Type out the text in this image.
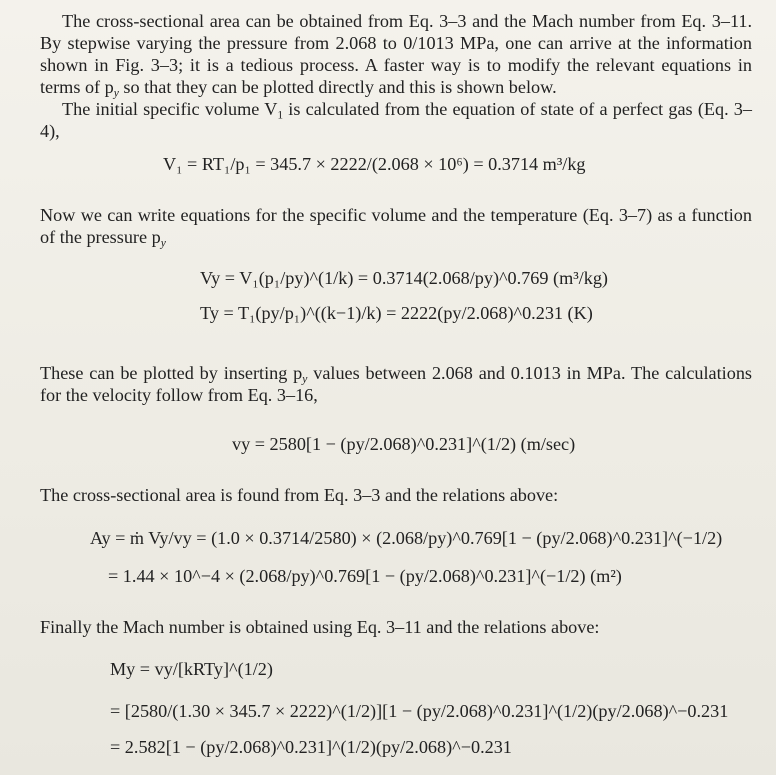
The cross-sectional area can be obtained from Eq. 3–3 and the Mach number from Eq. 3–11. By stepwise varying the pressure from 2.068 to 0/1013 MPa, one can arrive at the information shown in Fig. 3–3; it is a tedious process. A faster way is to modify the relevant equations in terms of $p_y$ so that they can be plotted directly and this is shown below.
The initial specific volume $V_1$ is calculated from the equation of state of a perfect gas (Eq. 3–4),
V₁ = RT₁/p₁ = 345.7 × 2222/(2.068 × 10⁶) = 0.3714 m³/kg
Now we can write equations for the specific volume and the temperature (Eq. 3–7) as a function of the pressure $p_y$
Vy = V₁(p₁/py)^(1/k) = 0.3714(2.068/py)^0.769 (m³/kg)
Ty = T₁(py/p₁)^((k−1)/k) = 2222(py/2.068)^0.231 (K)
These can be plotted by inserting $p_y$ values between 2.068 and 0.1013 in MPa. The calculations for the velocity follow from Eq. 3–16,
vy = 2580[1 − (py/2.068)^0.231]^(1/2) (m/sec)
The cross-sectional area is found from Eq. 3–3 and the relations above:
Ay = ṁ Vy/vy = (1.0 × 0.3714/2580) × (2.068/py)^0.769[1 − (py/2.068)^0.231]^(−1/2)
= 1.44 × 10^−4 × (2.068/py)^0.769[1 − (py/2.068)^0.231]^(−1/2) (m²)
Finally the Mach number is obtained using Eq. 3–11 and the relations above:
My = vy/[kRTy]^(1/2)
= [2580/(1.30 × 345.7 × 2222)^(1/2)][1 − (py/2.068)^0.231]^(1/2)(py/2.068)^−0.231
= 2.582[1 − (py/2.068)^0.231]^(1/2)(py/2.068)^−0.231
